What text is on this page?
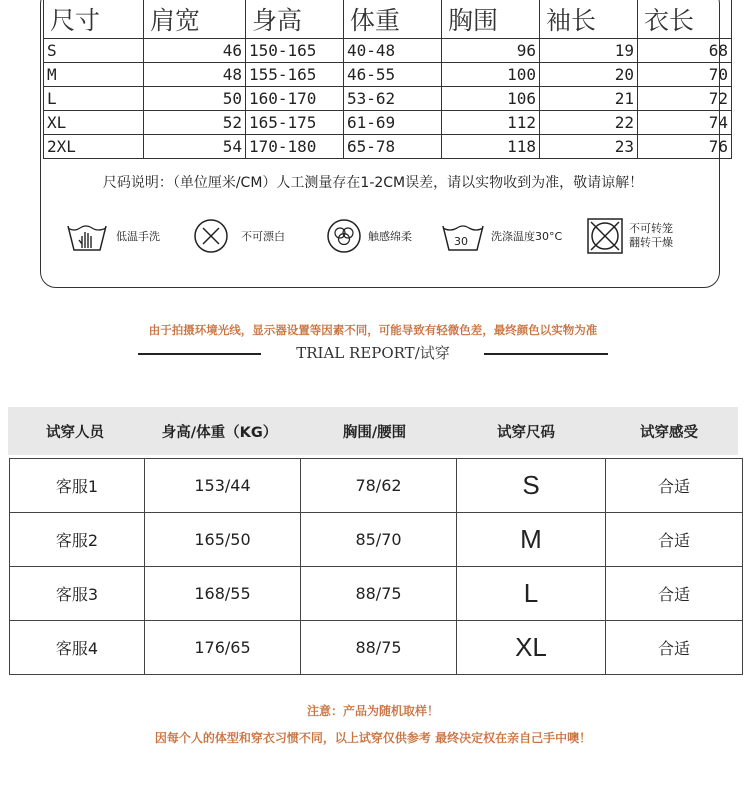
尺寸	肩宽	身高	体重	胸围	袖长	衣长
S	46	150-165	40-48	96	19	68
M	48	155-165	46-55	100	20	70
L	50	160-170	53-62	106	21	72
XL	52	165-175	61-69	112	22	74
2XL	54	170-180	65-78	118	23	76
尺码说明：（单位厘米/CM）人工测量存在1-2CM误差，请以实物收到为准，敬请谅解！
低温手洗	不可漂白	触感绵柔	30 洗涤温度30°C
不可转笼
翻转干燥
由于拍摄环境光线，显示器设置等因素不同，可能导致有轻微色差，最终颜色以实物为准
TRIAL REPORT/试穿
试穿人员	身高/体重（KG）	胸围/腰围	试穿尺码	试穿感受
客服1	153/44	78/62	S	合适
客服2	165/50	85/70	M	合适
客服3	168/55	88/75	L	合适
客服4	176/65	88/75	XL	合适
注意：产品为随机取样！
因每个人的体型和穿衣习惯不同，以上试穿仅供参考 最终决定权在亲自己手中噢！
